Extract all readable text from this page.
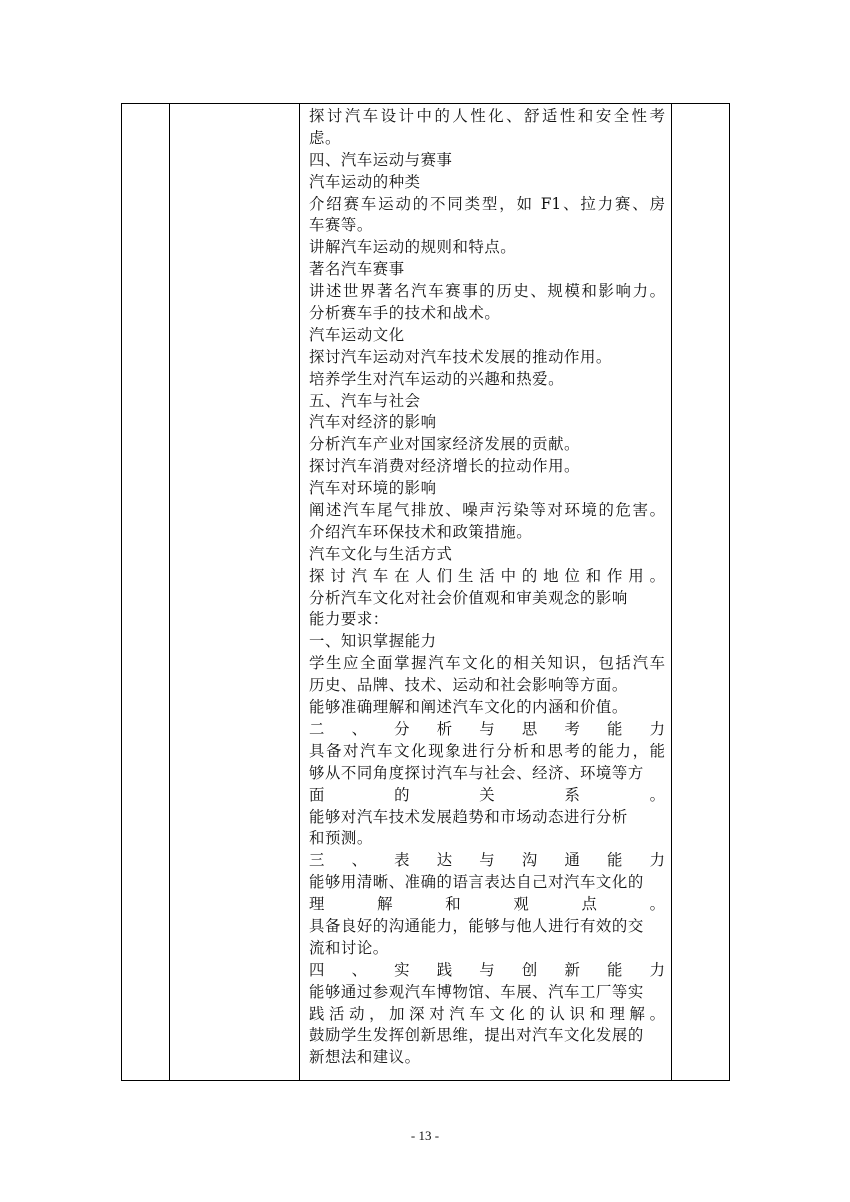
探讨汽车设计中的人性化、舒适性和安全性考
虑。
四、汽车运动与赛事
汽车运动的种类
介绍赛车运动的不同类型，如 F1、拉力赛、房
车赛等。
讲解汽车运动的规则和特点。
著名汽车赛事
讲述世界著名汽车赛事的历史、规模和影响力。
分析赛车手的技术和战术。
汽车运动文化
探讨汽车运动对汽车技术发展的推动作用。
培养学生对汽车运动的兴趣和热爱。
五、汽车与社会
汽车对经济的影响
分析汽车产业对国家经济发展的贡献。
探讨汽车消费对经济增长的拉动作用。
汽车对环境的影响
阐述汽车尾气排放、噪声污染等对环境的危害。
介绍汽车环保技术和政策措施。
汽车文化与生活方式
探讨汽车在人们生活中的地位和作用。
分析汽车文化对社会价值观和审美观念的影响
能力要求：
一、知识掌握能力
学生应全面掌握汽车文化的相关知识，包括汽车
历史、品牌、技术、运动和社会影响等方面。
能够准确理解和阐述汽车文化的内涵和价值。
二、分析与思考能力
具备对汽车文化现象进行分析和思考的能力，能
够从不同角度探讨汽车与社会、经济、环境等方
面的关系。
能够对汽车技术发展趋势和市场动态进行分析
和预测。
三、表达与沟通能力
能够用清晰、准确的语言表达自己对汽车文化的
理解和观点。
具备良好的沟通能力，能够与他人进行有效的交
流和讨论。
四、实践与创新能力
能够通过参观汽车博物馆、车展、汽车工厂等实
践活动，加深对汽车文化的认识和理解。
鼓励学生发挥创新思维，提出对汽车文化发展的
新想法和建议。
- 13 -
